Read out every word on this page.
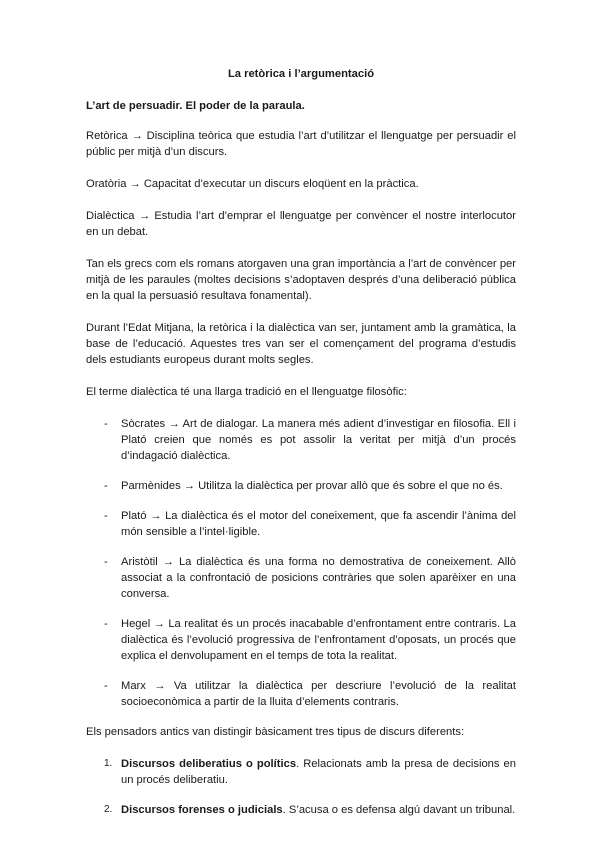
La retòrica i l’argumentació
L’art de persuadir. El poder de la paraula.

Retòrica → Disciplina teòrica que estudia l’art d’utilitzar el llenguatge per persuadir el públic per mitjà d’un discurs.

Oratòria → Capacitat d’executar un discurs eloqüent en la pràctica.

Dialèctica → Estudia l’art d’emprar el llenguatge per convèncer el nostre interlocutor en un debat.

Tan els grecs com els romans atorgaven una gran importància a l’art de convèncer per mitjà de les paraules (moltes decisions s’adoptaven després d’una deliberació pública en la qual la persuasió resultava fonamental).

Durant l’Edat Mitjana, la retòrica i la dialèctica van ser, juntament amb la gramàtica, la base de l’educació. Aquestes tres van ser el començament del programa d’estudis dels estudiants europeus durant molts segles.

El terme dialèctica té una llarga tradició en el llenguatge filosòfic:

- Sòcrates → Art de dialogar. La manera més adient d’investigar en filosofia. Ell i Plató creien que només es pot assolir la veritat per mitjà d’un procés d’indagació dialèctica.
- Parmènides → Utilitza la dialèctica per provar allò que és sobre el que no és.
- Plató → La dialèctica és el motor del coneixement, que fa ascendir l’ànima del món sensible a l’intel·ligible.
- Aristòtil → La dialèctica és una forma no demostrativa de coneixement. Allò associat a la confrontació de posicions contràries que solen aparèixer en una conversa.
- Hegel → La realitat és un procés inacabable d’enfrontament entre contraris. La dialèctica és l’evolució progressiva de l’enfrontament d’oposats, un procés que explica el denvolupament en el temps de tota la realitat.
- Marx → Va utilitzar la dialèctica per descriure l’evolució de la realitat socioeconòmica a partir de la lluita d’elements contraris.

Els pensadors antics van distingir bàsicament tres tipus de discurs diferents:

1. Discursos deliberatius o polítics. Relacionats amb la presa de decisions en un procés deliberatiu.
2. Discursos forenses o judicials. S’acusa o es defensa algú davant un tribunal.
